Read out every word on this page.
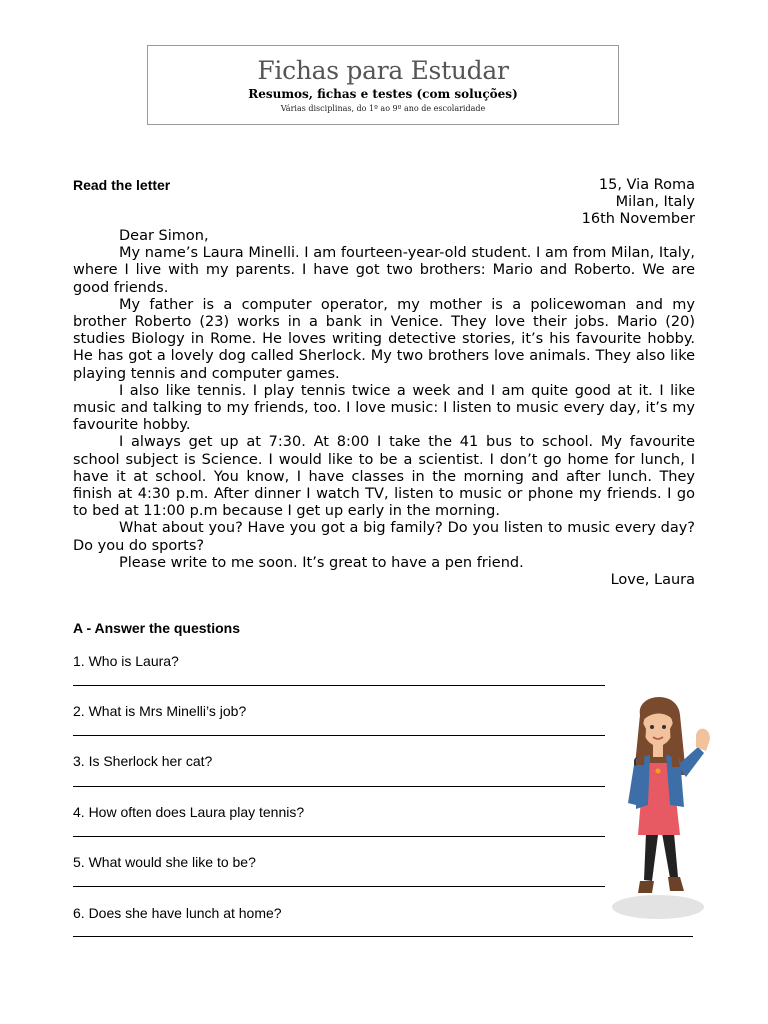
Fichas para Estudar
Resumos, fichas e testes (com soluções)
Várias disciplinas, do 1º ao 9º ano de escolaridade
Read the letter	15, Via Roma
Milan, Italy
16th November

Dear Simon,

My name’s Laura Minelli. I am fourteen-year-old student. I am from Milan, Italy, where I live with my parents. I have got two brothers: Mario and Roberto. We are good friends.

My father is a computer operator, my mother is a policewoman and my brother Roberto (23) works in a bank in Venice. They love their jobs. Mario (20) studies Biology in Rome. He loves writing detective stories, it’s his favourite hobby. He has got a lovely dog called Sherlock. My two brothers love animals. They also like playing tennis and computer games.

I also like tennis. I play tennis twice a week and I am quite good at it. I like music and talking to my friends, too. I love music: I listen to music every day, it’s my favourite hobby.

I always get up at 7:30. At 8:00 I take the 41 bus to school. My favourite school subject is Science. I would like to be a scientist. I don’t go home for lunch, I have it at school. You know, I have classes in the morning and after lunch. They finish at 4:30 p.m. After dinner I watch TV, listen to music or phone my friends. I go to bed at 11:00 p.m because I get up early in the morning.

What about you? Have you got a big family? Do you listen to music every day? Do you do sports?

Please write to me soon. It’s great to have a pen friend.

Love, Laura

A - Answer the questions
1. Who is Laura?
2. What is Mrs Minelli’s job?
3. Is Sherlock her cat?
4. How often does Laura play tennis?
5. What would she like to be?
6. Does she have lunch at home?
